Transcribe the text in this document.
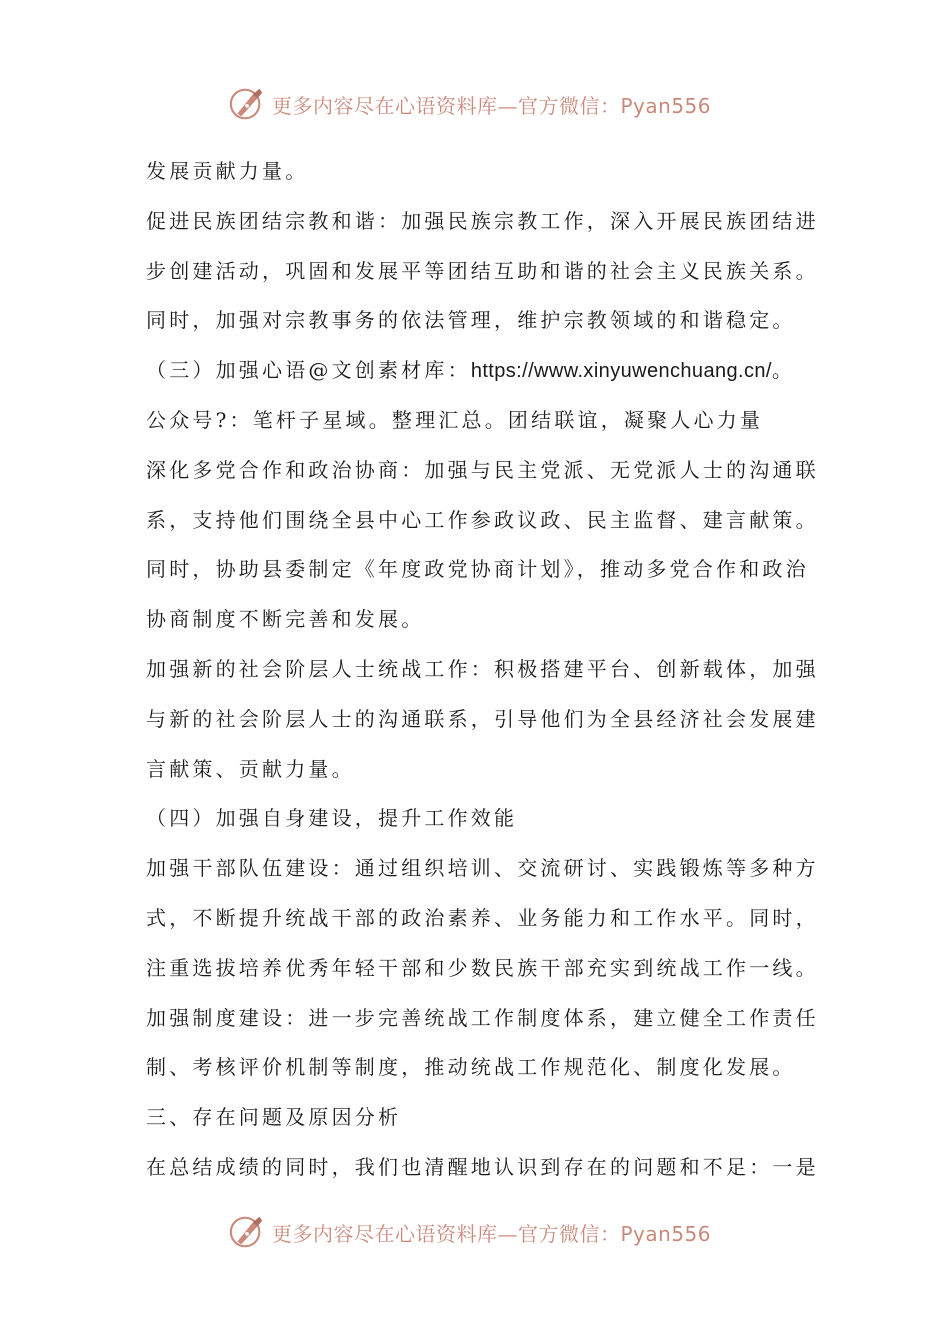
更多内容尽在心语资料库—官方微信：Pyan556
发展贡献力量。
促进民族团结宗教和谐：加强民族宗教工作，深入开展民族团结进
步创建活动，巩固和发展平等团结互助和谐的社会主义民族关系。
同时，加强对宗教事务的依法管理，维护宗教领域的和谐稳定。
（三）加强心语@文创素材库：https://www.xinyuwenchuang.cn/。
公众号?：笔杆子星域。整理汇总。团结联谊，凝聚人心力量
深化多党合作和政治协商：加强与民主党派、无党派人士的沟通联
系，支持他们围绕全县中心工作参政议政、民主监督、建言献策。
同时，协助县委制定《年度政党协商计划》，推动多党合作和政治
协商制度不断完善和发展。
加强新的社会阶层人士统战工作：积极搭建平台、创新载体，加强
与新的社会阶层人士的沟通联系，引导他们为全县经济社会发展建
言献策、贡献力量。
（四）加强自身建设，提升工作效能
加强干部队伍建设：通过组织培训、交流研讨、实践锻炼等多种方
式，不断提升统战干部的政治素养、业务能力和工作水平。同时，
注重选拔培养优秀年轻干部和少数民族干部充实到统战工作一线。
加强制度建设：进一步完善统战工作制度体系，建立健全工作责任
制、考核评价机制等制度，推动统战工作规范化、制度化发展。
三、存在问题及原因分析
在总结成绩的同时，我们也清醒地认识到存在的问题和不足：一是
更多内容尽在心语资料库—官方微信：Pyan556
